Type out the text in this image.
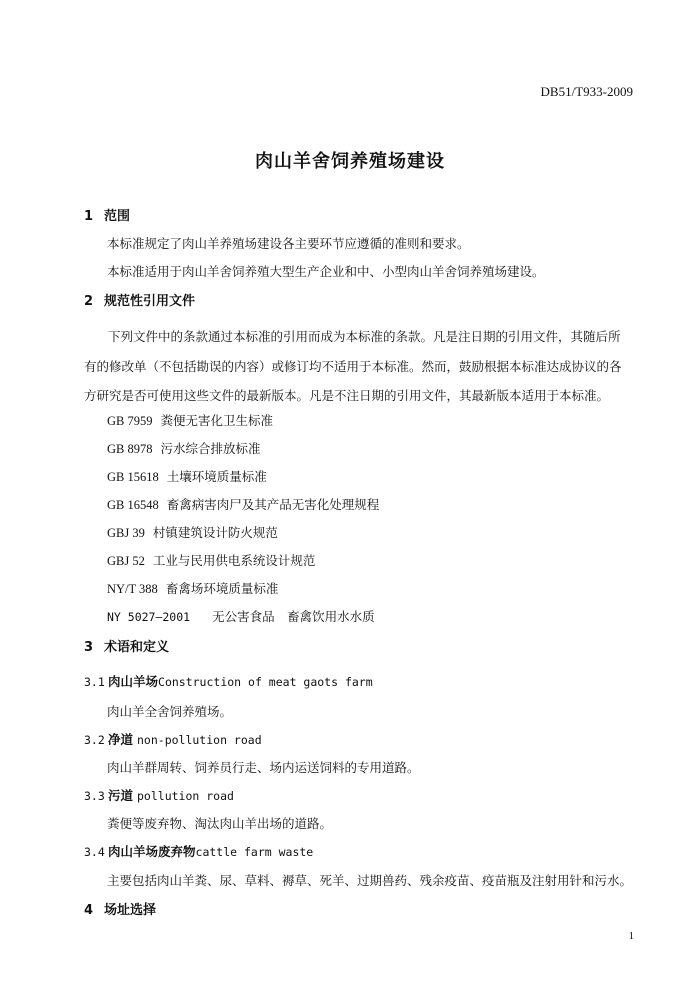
DB51/T933-2009
肉山羊舍饲养殖场建设
1 范围
本标准规定了肉山羊养殖场建设各主要环节应遵循的准则和要求。
本标准适用于肉山羊舍饲养殖大型生产企业和中、小型肉山羊舍饲养殖场建设。
2 规范性引用文件

下列文件中的条款通过本标准的引用而成为本标准的条款。凡是注日期的引用文件，其随后所有的修改单（不包括勘误的内容）或修订均不适用于本标准。然而，鼓励根据本标准达成协议的各方研究是否可使用这些文件的最新版本。凡是不注日期的引用文件，其最新版本适用于本标准。

GB 7959 粪便无害化卫生标准
GB 8978 污水综合排放标准
GB 15618 土壤环境质量标准
GB 16548 畜禽病害肉尸及其产品无害化处理规程
GBJ 39 村镇建筑设计防火规范
GBJ 52 工业与民用供电系统设计规范
NY/T 388 畜禽场环境质量标准
NY 5027—2001 无公害食品　畜禽饮用水水质
3 术语和定义
3.1 肉山羊场Construction of meat gaots farm
肉山羊全舍饲养殖场。
3.2 净道 non-pollution road
肉山羊群周转、饲养员行走、场内运送饲料的专用道路。
3.3 污道 pollution road
粪便等废弃物、淘汰肉山羊出场的道路。
3.4 肉山羊场废弃物cattle farm waste
主要包括肉山羊粪、尿、草料、褥草、死羊、过期兽药、残余疫苗、疫苗瓶及注射用针和污水。
4 场址选择
1
